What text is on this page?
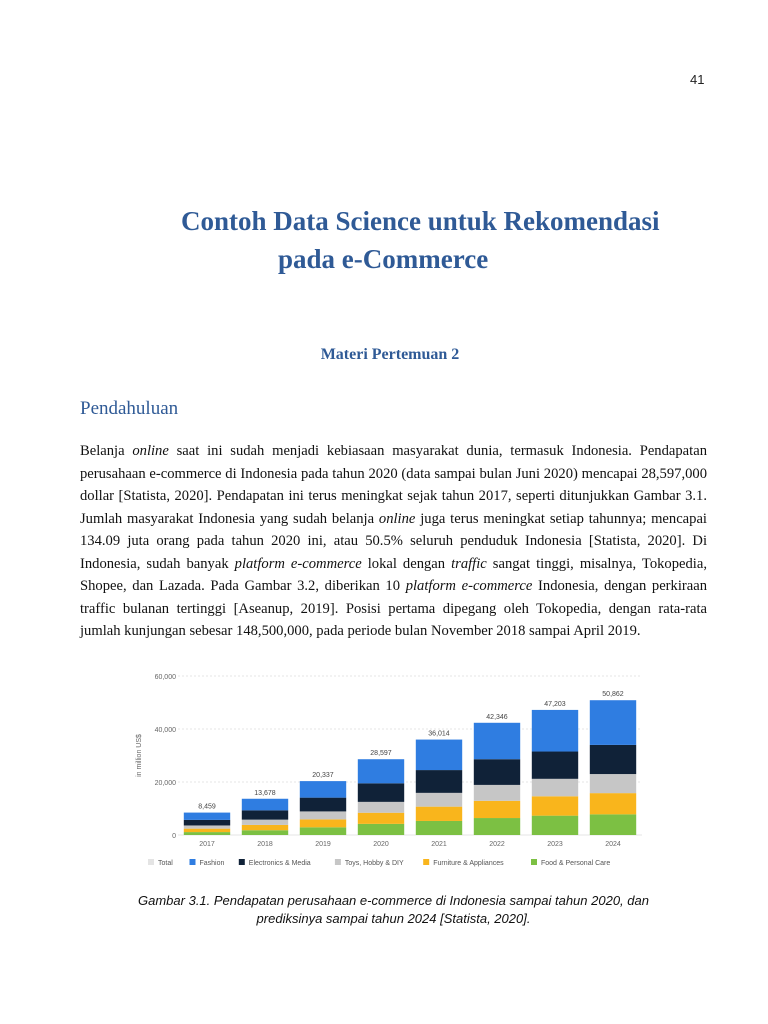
41
Contoh Data Science untuk Rekomendasi
pada e-Commerce
Materi Pertemuan 2
Pendahuluan
Belanja online saat ini sudah menjadi kebiasaan masyarakat dunia, termasuk Indonesia. Pendapatan perusahaan e-commerce di Indonesia pada tahun 2020 (data sampai bulan Juni 2020) mencapai 28,597,000 dollar [Statista, 2020]. Pendapatan ini terus meningkat sejak tahun 2017, seperti ditunjukkan Gambar 3.1. Jumlah masyarakat Indonesia yang sudah belanja online juga terus meningkat setiap tahunnya; mencapai 134.09 juta orang pada tahun 2020 ini, atau 50.5% seluruh penduduk Indonesia [Statista, 2020]. Di Indonesia, sudah banyak platform e-commerce lokal dengan traffic sangat tinggi, misalnya, Tokopedia, Shopee, dan Lazada. Pada Gambar 3.2, diberikan 10 platform e-commerce Indonesia, dengan perkiraan traffic bulanan tertinggi [Aseanup, 2019]. Posisi pertama dipegang oleh Tokopedia, dengan rata-rata jumlah kunjungan sebesar 148,500,000, pada periode bulan November 2018 sampai April 2019.
0
20,000
40,000
60,000
in million US$
8,459
2017
13,678
2018
20,337
2019
28,597
2020
36,014
2021
42,346
2022
47,203
2023
50,862
2024
Total	Fashion	Electronics & Media	Toys, Hobby & DIY	Furniture & Appliances	Food & Personal Care
Gambar 3.1. Pendapatan perusahaan e-commerce di Indonesia sampai tahun 2020, dan
prediksinya sampai tahun 2024 [Statista, 2020].
